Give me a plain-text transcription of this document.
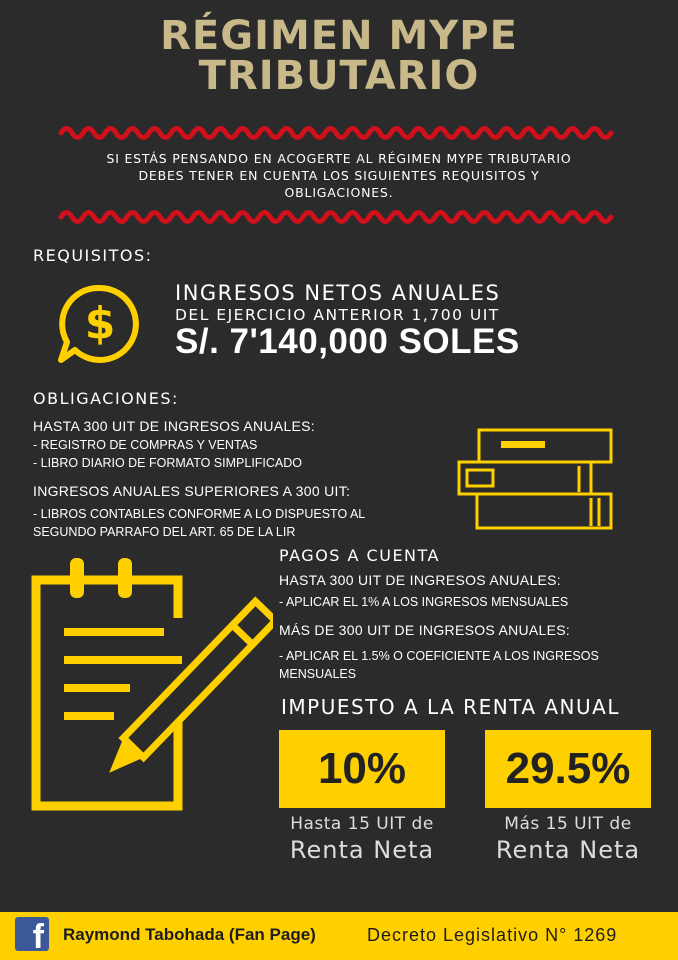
RÉGIMEN MYPE
TRIBUTARIO
SI ESTÁS PENSANDO EN ACOGERTE AL RÉGIMEN MYPE TRIBUTARIO
DEBES TENER EN CUENTA LOS SIGUIENTES REQUISITOS Y
OBLIGACIONES.
REQUISITOS:
$
INGRESOS NETOS ANUALES
DEL EJERCICIO ANTERIOR 1,700 UIT
S/. 7'140,000 SOLES
OBLIGACIONES:
HASTA 300 UIT DE INGRESOS ANUALES:
- REGISTRO DE COMPRAS Y VENTAS
- LIBRO DIARIO DE FORMATO SIMPLIFICADO
INGRESOS ANUALES SUPERIORES A 300 UIT:
- LIBROS CONTABLES CONFORME A LO DISPUESTO AL
SEGUNDO PARRAFO DEL ART. 65 DE LA LIR
PAGOS A CUENTA
HASTA 300 UIT DE INGRESOS ANUALES:
- APLICAR EL 1% A LOS INGRESOS MENSUALES
MÁS DE 300 UIT DE INGRESOS ANUALES:
- APLICAR EL 1.5% O COEFICIENTE A LOS INGRESOS
MENSUALES
IMPUESTO A LA RENTA ANUAL
10%
Hasta 15 UIT de
Renta Neta
29.5%
Más 15 UIT de
Renta Neta
f Raymond Tabohada (Fan Page)	Decreto Legislativo N° 1269
